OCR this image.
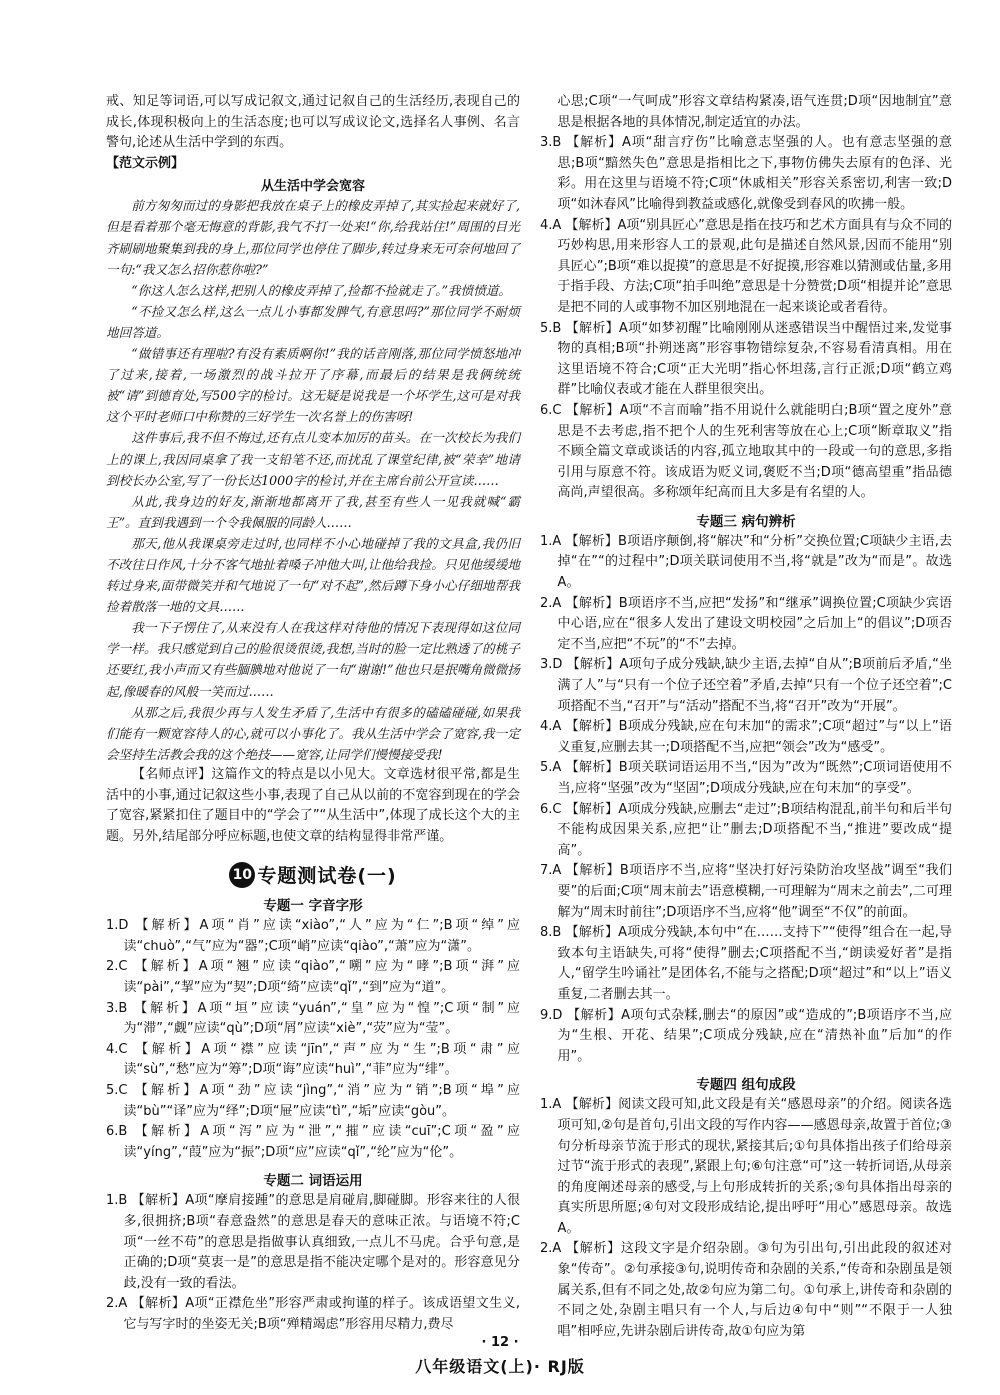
戒、知足等词语,可以写成记叙文,通过记叙自己的生活经历,表现自己的成长,体现积极向上的生活态度;也可以写成议论文,选择名人事例、名言警句,论述从生活中学到的东西。

【范文示例】

从生活中学会宽容

前方匆匆而过的身影把我放在桌子上的橡皮弄掉了,其实捡起来就好了,但是看着那个毫无悔意的背影,我气不打一处来!“你,给我站住!”周围的目光齐刷刷地聚集到我的身上,那位同学也停住了脚步,转过身来无可奈何地回了一句:“我又怎么招你惹你啦?”

“你这人怎么这样,把别人的橡皮弄掉了,捡都不捡就走了。”我愤愤道。

“不捡又怎么样,这么一点儿小事都发脾气,有意思吗?”那位同学不耐烦地回答道。

“做错事还有理啦?有没有素质啊你!”我的话音刚落,那位同学愤怒地冲了过来,接着,一场激烈的战斗拉开了序幕,而最后的结果是我俩统统被“请”到德育处,写500字的检讨。这无疑是说我是一个坏学生,这可是对我这个平时老师口中称赞的三好学生一次名誉上的伤害呀!

这件事后,我不但不悔过,还有点儿变本加厉的苗头。在一次校长为我们上的课上,我因同桌拿了我一支铅笔不还,而扰乱了课堂纪律,被“荣幸”地请到校长办公室,写了一份长达1000字的检讨,并在主席台前公开宣读……

从此,我身边的好友,渐渐地都离开了我,甚至有些人一见我就喊“霸王”。直到我遇到一个令我佩服的同龄人……

那天,他从我课桌旁走过时,也同样不小心地碰掉了我的文具盒,我仍旧不改往日作风,十分不客气地扯着嗓子冲他大叫,让他给我捡。只见他缓缓地转过身来,面带微笑并和气地说了一句“对不起”,然后蹲下身小心仔细地帮我捡着散落一地的文具……

我一下子愣住了,从来没有人在我这样对待他的情况下表现得如这位同学一样。我只感觉到自己的脸很烫很烫,我想,当时的脸一定比熟透了的桃子还要红,我小声而又有些腼腆地对他说了一句“谢谢!”他也只是抿嘴角微微扬起,像暖春的风般一笑而过……

从那之后,我很少再与人发生矛盾了,生活中有很多的磕磕碰碰,如果我们能有一颗宽容待人的心,就可以小事化了。我从生活中学会了宽容,我一定会坚持生活教会我的这个绝技——宽容,让同学们慢慢接受我!

【名师点评】这篇作文的特点是以小见大。文章选材很平常,都是生活中的小事,通过记叙这些小事,表现了自己从以前的不宽容到现在的学会了宽容,紧紧扣住了题目中的“学会了”“从生活中”,体现了成长这个大的主题。另外,结尾部分呼应标题,也使文章的结构显得非常严谨。

10 专题测试卷(一)
专题一 字音字形

1.D 【解析】A项“肖”应读“xiào”,“人”应为“仁”;B项“绰”应读“chuò”,“气”应为“器”;C项“峭”应读“qiào”,“萧”应为“潇”。

2.C 【解析】A项“翘”应读“qiào”,“嗍”应为“哮”;B项“湃”应读“pài”,“挈”应为“契”;D项“绮”应读“qǐ”,“到”应为“道”。

3.B 【解析】A项“垣”应读“yuán”,“皇”应为“惶”;C项“制”应为“滞”,“觑”应读“qù”;D项“屑”应读“xiè”,“荧”应为“莹”。

4.C 【解析】A项“襟”应读“jīn”,“声”应为“生”;B项“肃”应读“sù”,“愁”应为“筹”;D项“诲”应读“huì”,“菲”应为“绯”。

5.C 【解析】A项“劲”应读“jìng”,“消”应为“销”;B项“埠”应读“bù”“译”应为“绎”;D项“屉”应读“tì”,“垢”应读“gòu”。

6.B 【解析】A项“泻”应为“泄”,“摧”应读“cuī”;C项“盈”应读“yíng”,“葭”应为“振”;D项“应”应读“qǐ”,“纶”应为“伦”。

专题二 词语运用

1.B 【解析】A项“摩肩接踵”的意思是肩碰肩,脚碰脚。形容来往的人很多,很拥挤;B项“春意盎然”的意思是春天的意味正浓。与语境不符;C项“一丝不苟”的意思是指做事认真细致,一点儿不马虎。合乎句意,是正确的;D项“莫衷一是”的意思是指不能决定哪个是对的。形容意见分歧,没有一致的看法。

2.A 【解析】A项“正襟危坐”形容严肃或拘谨的样子。该成语望文生义,它与写字时的坐姿无关;B项“殚精竭虑”形容用尽精力,费尽

心思;C项“一气呵成”形容文章结构紧凑,语气连贯;D项“因地制宜”意思是根据各地的具体情况,制定适宜的办法。

3.B 【解析】A项“甜言疗伤”比喻意志坚强的人。也有意志坚强的意思;B项“黯然失色”意思是指相比之下,事物仿佛失去原有的色泽、光彩。用在这里与语境不符;C项“休戚相关”形容关系密切,利害一致;D项“如沐春风”比喻得到教益或感化,就像受到春风的吹拂一般。

4.A 【解析】A项“别具匠心”意思是指在技巧和艺术方面具有与众不同的巧妙构思,用来形容人工的景观,此句是描述自然风景,因而不能用“别具匠心”;B项“难以捉摸”的意思是不好捉摸,形容难以猜测或估量,多用于指手段、方法;C项“拍手叫绝”意思是十分赞赏;D项“相提并论”意思是把不同的人或事物不加区别地混在一起来谈论或者看待。

5.B 【解析】A项“如梦初醒”比喻刚刚从迷惑错误当中醒悟过来,发觉事物的真相;B项“扑朔迷离”形容事物错综复杂,不容易看清真相。用在这里语境不符合;C项“正大光明”指心怀坦荡,言行正派;D项“鹤立鸡群”比喻仪表或才能在人群里很突出。

6.C 【解析】A项“不言而喻”指不用说什么就能明白;B项“置之度外”意思是不去考虑,指不把个人的生死利害等放在心上;C项“断章取义”指不顾全篇文章或谈话的内容,孤立地取其中的一段或一句的意思,多指引用与原意不符。该成语为贬义词,褒贬不当;D项“德高望重”指品德高尚,声望很高。多称颂年纪高而且大多是有名望的人。

专题三 病句辨析

1.A 【解析】B项语序颠倒,将“解决”和“分析”交换位置;C项缺少主语,去掉“在”“的过程中”;D项关联词使用不当,将“就是”改为“而是”。故选A。

2.A 【解析】B项语序不当,应把“发扬”和“继承”调换位置;C项缺少宾语中心语,应在“很多人发出了建设文明校园”之后加上“的倡议”;D项否定不当,应把“不玩”的“不”去掉。

3.D 【解析】A项句子成分残缺,缺少主语,去掉“自从”;B项前后矛盾,“坐满了人”与“只有一个位子还空着”矛盾,去掉“只有一个位子还空着”;C项搭配不当,“召开”与“活动”搭配不当,将“召开”改为“开展”。

4.A 【解析】B项成分残缺,应在句末加“的需求”;C项“超过”与“以上”语义重复,应删去其一;D项搭配不当,应把“领会”改为“感受”。

5.A 【解析】B项关联词语运用不当,“因为”改为“既然”;C项词语使用不当,应将“坚强”改为“坚固”;D项成分残缺,应在句末加“的享受”。

6.C 【解析】A项成分残缺,应删去“走过”;B项结构混乱,前半句和后半句不能构成因果关系,应把“让”删去;D项搭配不当,“推进”要改成“提高”。

7.A 【解析】B项语序不当,应将“坚决打好污染防治攻坚战”调至“我们要”的后面;C项“周末前去”语意模糊,一可理解为“周末之前去”,二可理解为“周末时前往”;D项语序不当,应将“他”调至“不仅”的前面。

8.B 【解析】A项成分残缺,本句中“在……支持下”“使得”组合在一起,导致本句主语缺失,可将“使得”删去;C项搭配不当,“朗读爱好者”是指人,“留学生吟诵社”是团体名,不能与之搭配;D项“超过”和“以上”语义重复,二者删去其一。

9.D 【解析】A项句式杂糅,删去“的原因”或“造成的”;B项语序不当,应为“生根、开花、结果”;C项成分残缺,应在“清热补血”后加“的作用”。

专题四 组句成段

1.A 【解析】阅读文段可知,此文段是有关“感恩母亲”的介绍。阅读各选项可知,②句是首句,引出文段的写作内容——感恩母亲,故置于首位;③句分析母亲节流于形式的现状,紧接其后;①句具体指出孩子们给母亲过节“流于形式的表现”,紧跟上句;⑥句注意“可”这一转折词语,从母亲的角度阐述母亲的感受,与上句形成转折的关系;⑤句具体指出母亲的真实所思所愿;④句对文段形成结论,提出呼吁“用心”感恩母亲。故选A。

2.A 【解析】这段文字是介绍杂剧。③句为引出句,引出此段的叙述对象“传奇”。②句承接③句,说明传奇和杂剧的关系,“传奇和杂剧虽是领属关系,但有不同之处,故②句应为第二句。①句承上,讲传奇和杂剧的不同之处,杂剧主唱只有一个人,与后边④句中“则”“不限于一人独唱”相呼应,先讲杂剧后讲传奇,故①句应为第

· 12 ·
八年级语文(上)· RJ版
